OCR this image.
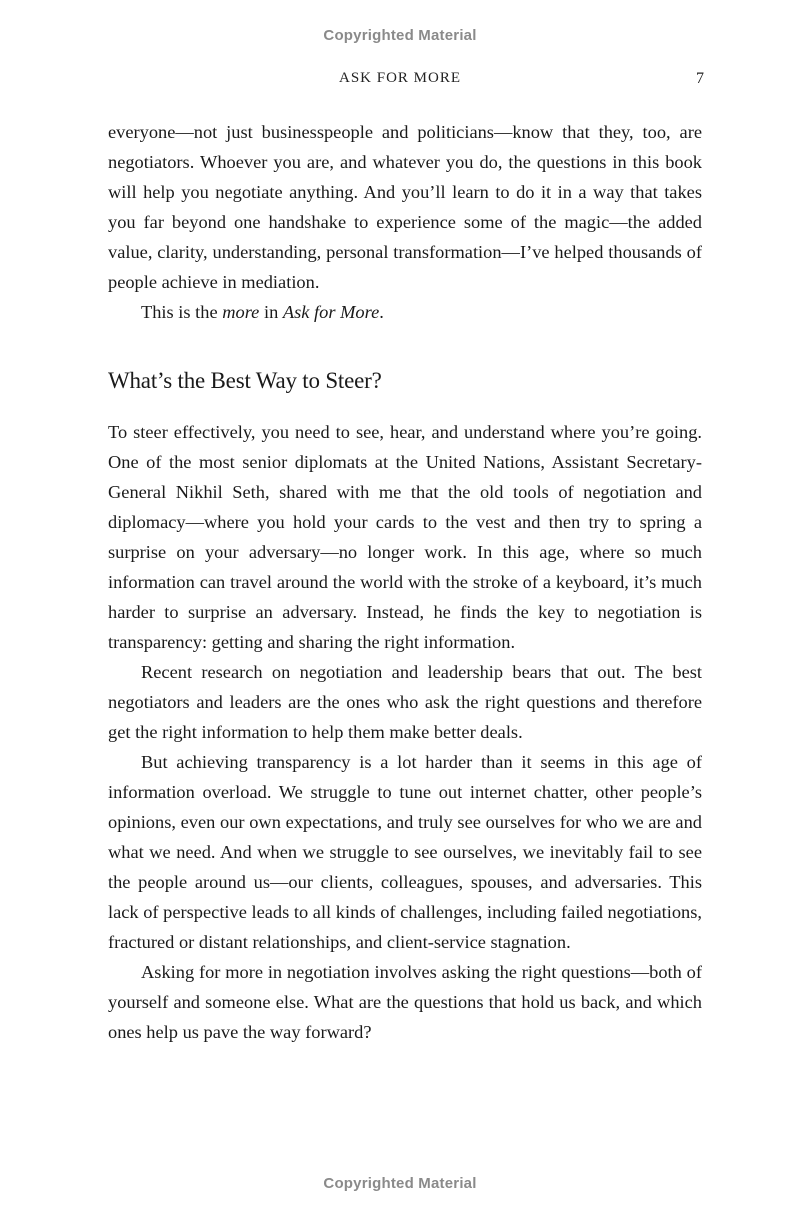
Copyrighted Material
ASK FOR MORE	7

everyone—not just businesspeople and politicians—know that they, too, are negotiators. Whoever you are, and whatever you do, the questions in this book will help you negotiate anything. And you’ll learn to do it in a way that takes you far beyond one handshake to experience some of the magic—the added value, clarity, understanding, personal transformation—I’ve helped thousands of people achieve in mediation.

This is the more in Ask for More.

What’s the Best Way to Steer?

To steer effectively, you need to see, hear, and understand where you’re going. One of the most senior diplomats at the United Nations, Assistant Secretary-General Nikhil Seth, shared with me that the old tools of negotiation and diplomacy—where you hold your cards to the vest and then try to spring a surprise on your adversary—no longer work. In this age, where so much information can travel around the world with the stroke of a keyboard, it’s much harder to surprise an adversary. Instead, he finds the key to negotiation is transparency: getting and sharing the right information.

Recent research on negotiation and leadership bears that out. The best negotiators and leaders are the ones who ask the right questions and therefore get the right information to help them make better deals.

But achieving transparency is a lot harder than it seems in this age of information overload. We struggle to tune out internet chatter, other people’s opinions, even our own expectations, and truly see ourselves for who we are and what we need. And when we struggle to see ourselves, we inevitably fail to see the people around us—our clients, colleagues, spouses, and adversaries. This lack of perspective leads to all kinds of challenges, including failed negotiations, fractured or distant relationships, and client-service stagnation.

Asking for more in negotiation involves asking the right questions—both of yourself and someone else. What are the questions that hold us back, and which ones help us pave the way forward?

Copyrighted Material
